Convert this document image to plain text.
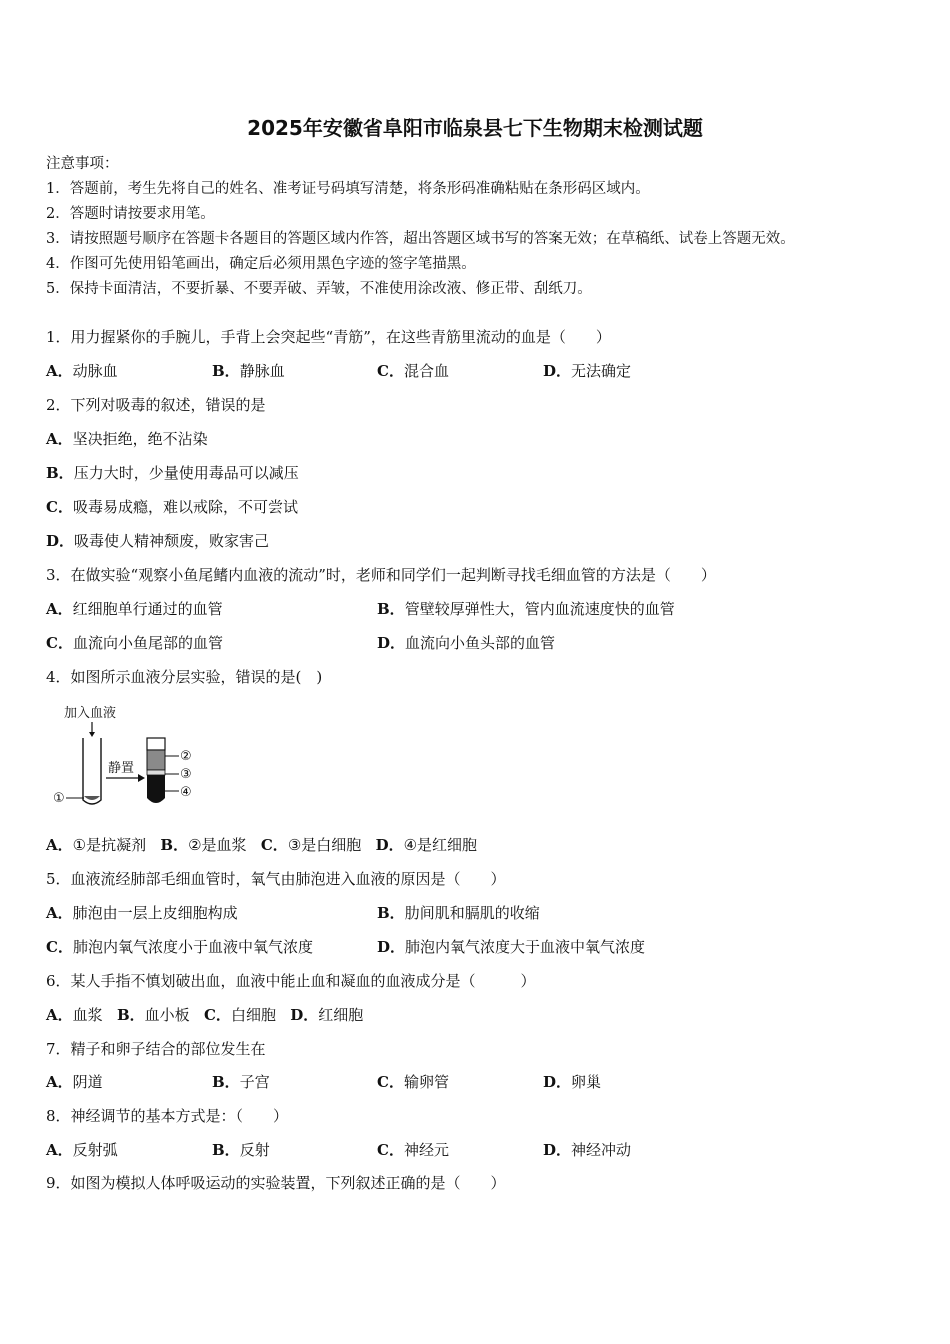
2025年安徽省阜阳市临泉县七下生物期末检测试题
注意事项：
1．答题前，考生先将自己的姓名、准考证号码填写清楚，将条形码准确粘贴在条形码区域内。
2．答题时请按要求用笔。
3．请按照题号顺序在答题卡各题目的答题区域内作答，超出答题区域书写的答案无效；在草稿纸、试卷上答题无效。
4．作图可先使用铅笔画出，确定后必须用黑色字迹的签字笔描黑。
5．保持卡面清洁，不要折暴、不要弄破、弄皱，不准使用涂改液、修正带、刮纸刀。
1．用力握紧你的手腕儿，手背上会突起些“青筋”，在这些青筋里流动的血是（　　）
A．动脉血	B．静脉血	C．混合血	D．无法确定
2．下列对吸毒的叙述，错误的是
A．坚决拒绝，绝不沾染
B．压力大时，少量使用毒品可以减压
C．吸毒易成瘾，难以戒除，不可尝试
D．吸毒使人精神颓废，败家害己
3．在做实验“观察小鱼尾鳍内血液的流动”时，老师和同学们一起判断寻找毛细血管的方法是（　　）
A．红细胞单行通过的血管	B．管壁较厚弹性大，管内血流速度快的血管
C．血流向小鱼尾部的血管	D．血流向小鱼头部的血管
4．如图所示血液分层实验，错误的是(　)
加入血液
①
静置
②
③
④
A．①是抗凝剂 B．②是血浆 C．③是白细胞 D．④是红细胞
5．血液流经肺部毛细血管时，氧气由肺泡进入血液的原因是（　　）
A．肺泡由一层上皮细胞构成	B．肋间肌和膈肌的收缩
C．肺泡内氧气浓度小于血液中氧气浓度	D．肺泡内氧气浓度大于血液中氧气浓度
6．某人手指不慎划破出血，血液中能止血和凝血的血液成分是（　　　）
A．血浆 B．血小板 C．白细胞 D．红细胞
7．精子和卵子结合的部位发生在
A．阴道	B．子宫	C．输卵管	D．卵巢
8．神经调节的基本方式是：（　　）
A．反射弧	B．反射	C．神经元	D．神经冲动
9．如图为模拟人体呼吸运动的实验装置，下列叙述正确的是（　　）
